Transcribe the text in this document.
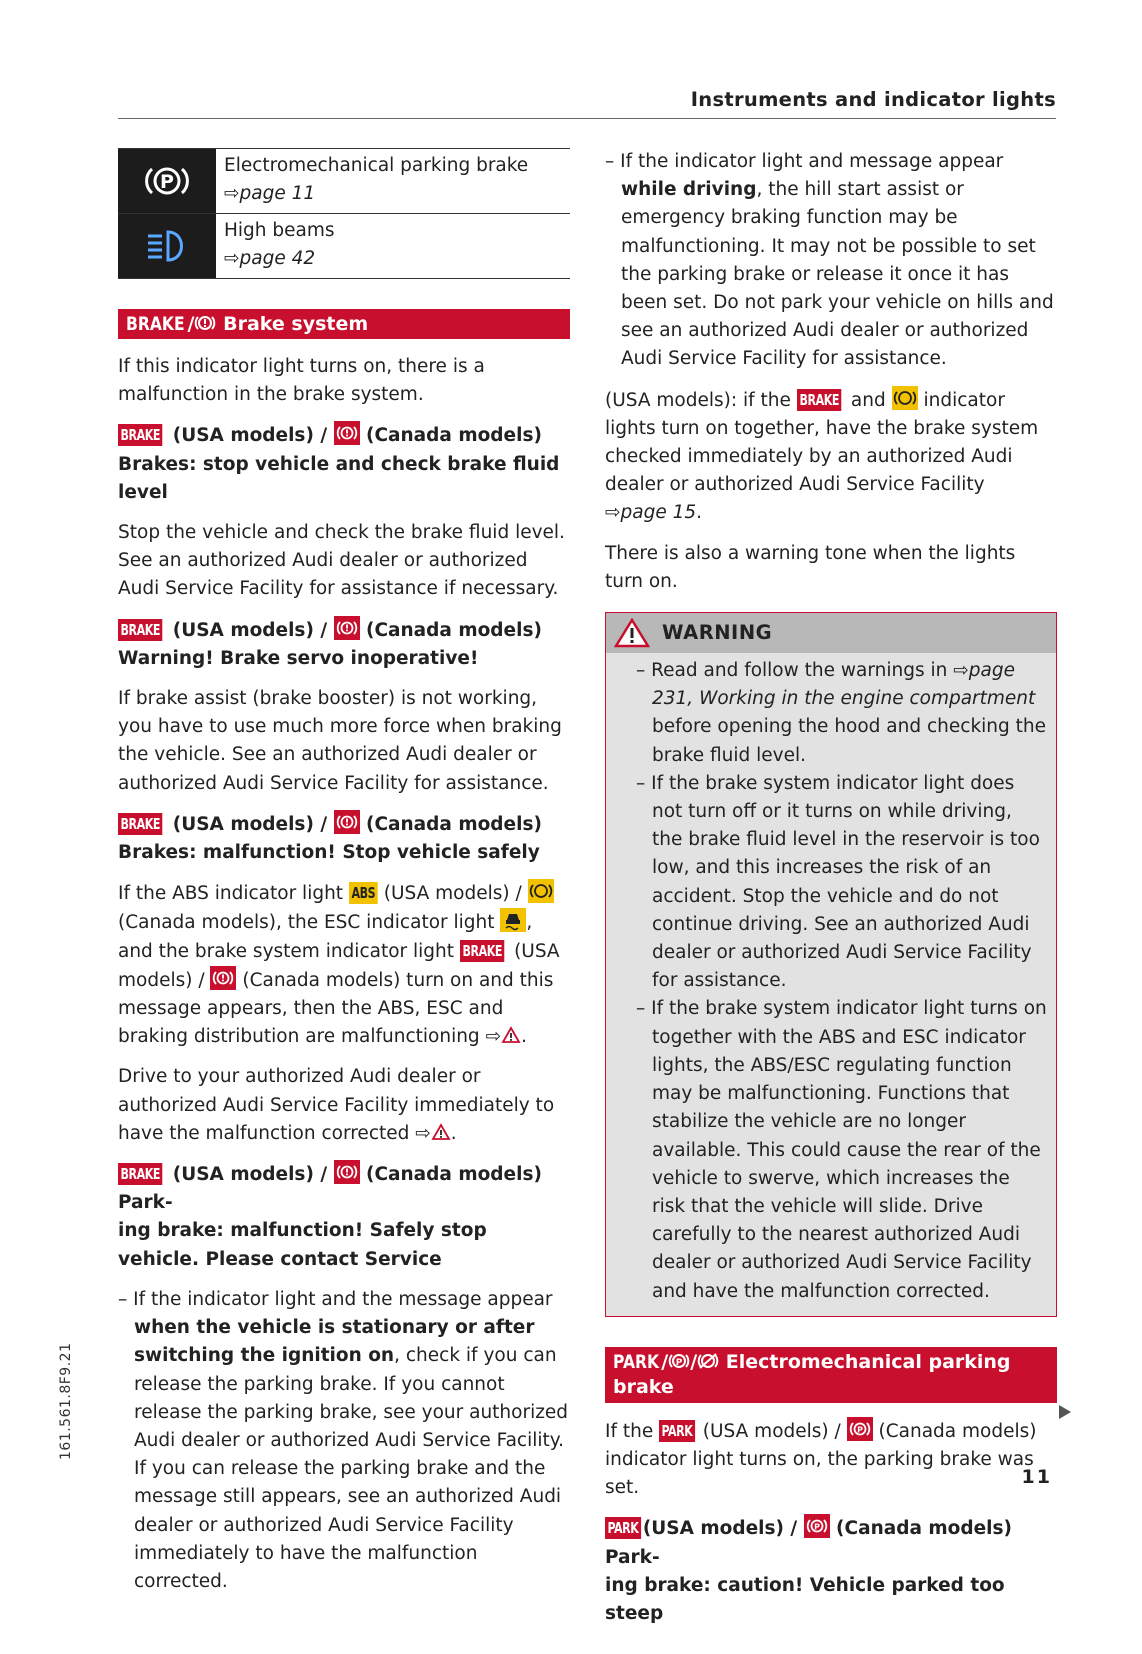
Instruments and indicator lights
P
Electromechanical parking brake
⇨page 11
High beams
⇨page 42
BRAKE / Brake system

If this indicator light turns on, there is a malfunction in the brake system.

BRAKE (USA models) /  (Canada models)
Brakes: stop vehicle and check brake fluid level

Stop the vehicle and check the brake fluid level. See an authorized Audi dealer or authorized Audi Service Facility for assistance if necessary.

BRAKE (USA models) /  (Canada models)
Warning! Brake servo inoperative!

If brake assist (brake booster) is not working, you have to use much more force when braking the vehicle. See an authorized Audi dealer or authorized Audi Service Facility for assistance.

BRAKE (USA models) /  (Canada models)
Brakes: malfunction! Stop vehicle safely

If the ABS indicator light ABS (USA models) /  (Canada models), the ESC indicator light , and the brake system indicator light BRAKE (USA models) /  (Canada models) turn on and this message appears, then the ABS, ESC and braking distribution are malfunctioning ⇨ .

Drive to your authorized Audi dealer or authorized Audi Service Facility immediately to have the malfunction corrected ⇨ .

BRAKE (USA models) /  (Canada models) Park-
ing brake: malfunction! Safely stop vehicle. Please contact Service

– If the indicator light and the message appear when the vehicle is stationary or after switching the ignition on, check if you can release the parking brake. If you cannot release the parking brake, see your authorized Audi dealer or authorized Audi Service Facility. If you can release the parking brake and the message still appears, see an authorized Audi dealer or authorized Audi Service Facility immediately to have the malfunction corrected.

– If the indicator light and message appear while driving, the hill start assist or emergency braking function may be malfunctioning. It may not be possible to set the parking brake or release it once it has been set. Do not park your vehicle on hills and see an authorized Audi dealer or authorized Audi Service Facility for assistance.

(USA models): if the BRAKE and  indicator lights turn on together, have the brake system checked immediately by an authorized Audi dealer or authorized Audi Service Facility
⇨page 15.

There is also a warning tone when the lights turn on.

WARNING

– Read and follow the warnings in ⇨page 231, Working in the engine compartment before opening the hood and checking the brake fluid level.

– If the brake system indicator light does not turn off or it turns on while driving, the brake fluid level in the reservoir is too low, and this increases the risk of an accident. Stop the vehicle and do not continue driving. See an authorized Audi dealer or authorized Audi Service Facility for assistance.

– If the brake system indicator light turns on together with the ABS and ESC indicator lights, the ABS/ESC regulating function may be malfunctioning. Functions that stabilize the vehicle are no longer available. This could cause the rear of the vehicle to swerve, which increases the risk that the vehicle will slide. Drive carefully to the nearest authorized Audi dealer or authorized Audi Service Facility and have the malfunction corrected.

PARK / P / Electromechanical parking brake

If the PARK (USA models) / P (Canada models) indicator light turns on, the parking brake was set.

PARK (USA models) / P (Canada models) Park-
ing brake: caution! Vehicle parked too steep

11
161.561.8F9.21
